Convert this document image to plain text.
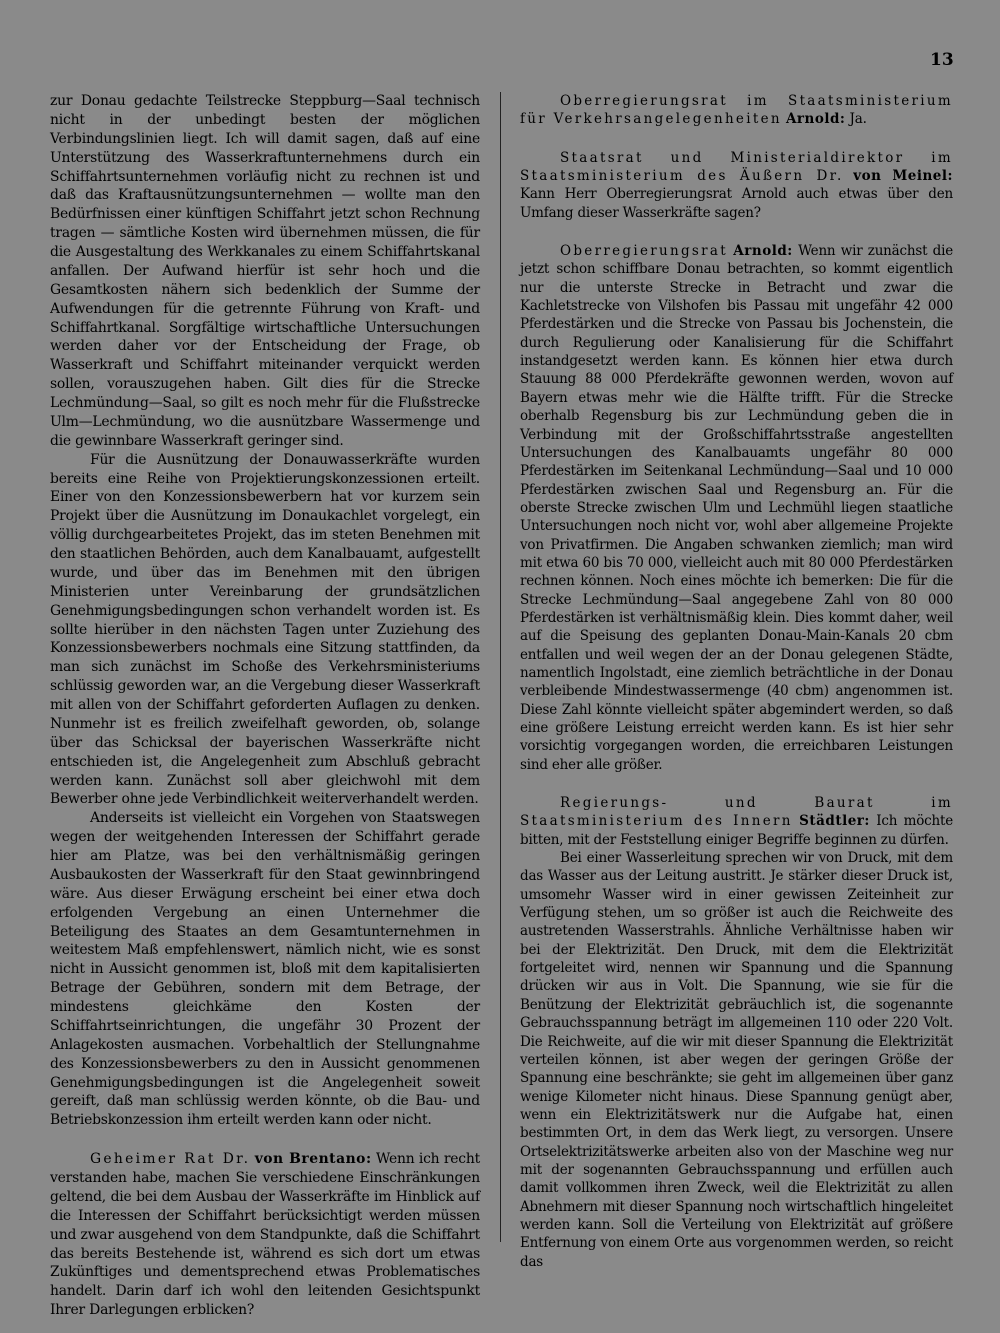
13

zur Donau gedachte Teilstrecke Steppburg—Saal technisch nicht in der unbedingt besten der möglichen Verbindungslinien liegt. Ich will damit sagen, daß auf eine Unterstützung des Wasserkraftunternehmens durch ein Schiffahrtsunternehmen vorläufig nicht zu rechnen ist und daß das Kraftausnützungsunternehmen — wollte man den Bedürfnissen einer künftigen Schiffahrt jetzt schon Rechnung tragen — sämtliche Kosten wird übernehmen müssen, die für die Ausgestaltung des Werkkanales zu einem Schiffahrtskanal anfallen. Der Aufwand hierfür ist sehr hoch und die Gesamtkosten nähern sich bedenklich der Summe der Aufwendungen für die getrennte Führung von Kraft- und Schiffahrtkanal. Sorgfältige wirtschaftliche Untersuchungen werden daher vor der Entscheidung der Frage, ob Wasserkraft und Schiffahrt miteinander verquickt werden sollen, vorauszugehen haben. Gilt dies für die Strecke Lechmündung—Saal, so gilt es noch mehr für die Flußstrecke Ulm—Lechmündung, wo die ausnützbare Wassermenge und die gewinnbare Wasserkraft geringer sind.

Für die Ausnützung der Donauwasserkräfte wurden bereits eine Reihe von Projektierungskonzessionen erteilt. Einer von den Konzessionsbewerbern hat vor kurzem sein Projekt über die Ausnützung im Donaukachlet vorgelegt, ein völlig durchgearbeitetes Projekt, das im steten Benehmen mit den staatlichen Behörden, auch dem Kanalbauamt, aufgestellt wurde, und über das im Benehmen mit den übrigen Ministerien unter Vereinbarung der grundsätzlichen Genehmigungsbedingungen schon verhandelt worden ist. Es sollte hierüber in den nächsten Tagen unter Zuziehung des Konzessionsbewerbers nochmals eine Sitzung stattfinden, da man sich zunächst im Schoße des Verkehrsministeriums schlüssig geworden war, an die Vergebung dieser Wasserkraft mit allen von der Schiffahrt geforderten Auflagen zu denken. Nunmehr ist es freilich zweifelhaft geworden, ob, solange über das Schicksal der bayerischen Wasserkräfte nicht entschieden ist, die Angelegenheit zum Abschluß gebracht werden kann. Zunächst soll aber gleichwohl mit dem Bewerber ohne jede Verbindlichkeit weiterverhandelt werden.

Anderseits ist vielleicht ein Vorgehen von Staatswegen wegen der weitgehenden Interessen der Schiffahrt gerade hier am Platze, was bei den verhältnismäßig geringen Ausbaukosten der Wasserkraft für den Staat gewinnbringend wäre. Aus dieser Erwägung erscheint bei einer etwa doch erfolgenden Vergebung an einen Unternehmer die Beteiligung des Staates an dem Gesamtunternehmen in weitestem Maß empfehlenswert, nämlich nicht, wie es sonst nicht in Aussicht genommen ist, bloß mit dem kapitalisierten Betrage der Gebühren, sondern mit dem Betrage, der mindestens gleichkäme den Kosten der Schiffahrtseinrichtungen, die ungefähr 30 Prozent der Anlagekosten ausmachen. Vorbehaltlich der Stellungnahme des Konzessionsbewerbers zu den in Aussicht genommenen Genehmigungsbedingungen ist die Angelegenheit soweit gereift, daß man schlüssig werden könnte, ob die Bau- und Betriebskonzession ihm erteilt werden kann oder nicht.

Geheimer Rat Dr. von Brentano: Wenn ich recht verstanden habe, machen Sie verschiedene Einschränkungen geltend, die bei dem Ausbau der Wasserkräfte im Hinblick auf die Interessen der Schiffahrt berücksichtigt werden müssen und zwar ausgehend von dem Standpunkte, daß die Schiffahrt das bereits Bestehende ist, während es sich dort um etwas Zukünftiges und dementsprechend etwas Problematisches handelt. Darin darf ich wohl den leitenden Gesichtspunkt Ihrer Darlegungen erblicken?

Oberregierungsrat im Staatsministerium für Verkehrsangelegenheiten Arnold: Ja.

Staatsrat und Ministerialdirektor im Staatsministerium des Äußern Dr. von Meinel: Kann Herr Oberregierungsrat Arnold auch etwas über den Umfang dieser Wasserkräfte sagen?

Oberregierungsrat Arnold: Wenn wir zunächst die jetzt schon schiffbare Donau betrachten, so kommt eigentlich nur die unterste Strecke in Betracht und zwar die Kachletstrecke von Vilshofen bis Passau mit ungefähr 42 000 Pferdestärken und die Strecke von Passau bis Jochenstein, die durch Regulierung oder Kanalisierung für die Schiffahrt instandgesetzt werden kann. Es können hier etwa durch Stauung 88 000 Pferdekräfte gewonnen werden, wovon auf Bayern etwas mehr wie die Hälfte trifft. Für die Strecke oberhalb Regensburg bis zur Lechmündung geben die in Verbindung mit der Großschiffahrtsstraße angestellten Untersuchungen des Kanalbauamts ungefähr 80 000 Pferdestärken im Seitenkanal Lechmündung—Saal und 10 000 Pferdestärken zwischen Saal und Regensburg an. Für die oberste Strecke zwischen Ulm und Lechmühl liegen staatliche Untersuchungen noch nicht vor, wohl aber allgemeine Projekte von Privatfirmen. Die Angaben schwanken ziemlich; man wird mit etwa 60 bis 70 000, vielleicht auch mit 80 000 Pferdestärken rechnen können. Noch eines möchte ich bemerken: Die für die Strecke Lechmündung—Saal angegebene Zahl von 80 000 Pferdestärken ist verhältnismäßig klein. Dies kommt daher, weil auf die Speisung des geplanten Donau-Main-Kanals 20 cbm entfallen und weil wegen der an der Donau gelegenen Städte, namentlich Ingolstadt, eine ziemlich beträchtliche in der Donau verbleibende Mindestwassermenge (40 cbm) angenommen ist. Diese Zahl könnte vielleicht später abgemindert werden, so daß eine größere Leistung erreicht werden kann. Es ist hier sehr vorsichtig vorgegangen worden, die erreichbaren Leistungen sind eher alle größer.

Regierungs- und Baurat im Staatsministerium des Innern Städtler: Ich möchte bitten, mit der Feststellung einiger Begriffe beginnen zu dürfen.

Bei einer Wasserleitung sprechen wir von Druck, mit dem das Wasser aus der Leitung austritt. Je stärker dieser Druck ist, umsomehr Wasser wird in einer gewissen Zeiteinheit zur Verfügung stehen, um so größer ist auch die Reichweite des austretenden Wasserstrahls. Ähnliche Verhältnisse haben wir bei der Elektrizität. Den Druck, mit dem die Elektrizität fortgeleitet wird, nennen wir Spannung und die Spannung drücken wir aus in Volt. Die Spannung, wie sie für die Benützung der Elektrizität gebräuchlich ist, die sogenannte Gebrauchsspannung beträgt im allgemeinen 110 oder 220 Volt. Die Reichweite, auf die wir mit dieser Spannung die Elektrizität verteilen können, ist aber wegen der geringen Größe der Spannung eine beschränkte; sie geht im allgemeinen über ganz wenige Kilometer nicht hinaus. Diese Spannung genügt aber, wenn ein Elektrizitätswerk nur die Aufgabe hat, einen bestimmten Ort, in dem das Werk liegt, zu versorgen. Unsere Ortselektrizitätswerke arbeiten also von der Maschine weg nur mit der sogenannten Gebrauchsspannung und erfüllen auch damit vollkommen ihren Zweck, weil die Elektrizität zu allen Abnehmern mit dieser Spannung noch wirtschaftlich hingeleitet werden kann. Soll die Verteilung von Elektrizität auf größere Entfernung von einem Orte aus vorgenommen werden, so reicht das
